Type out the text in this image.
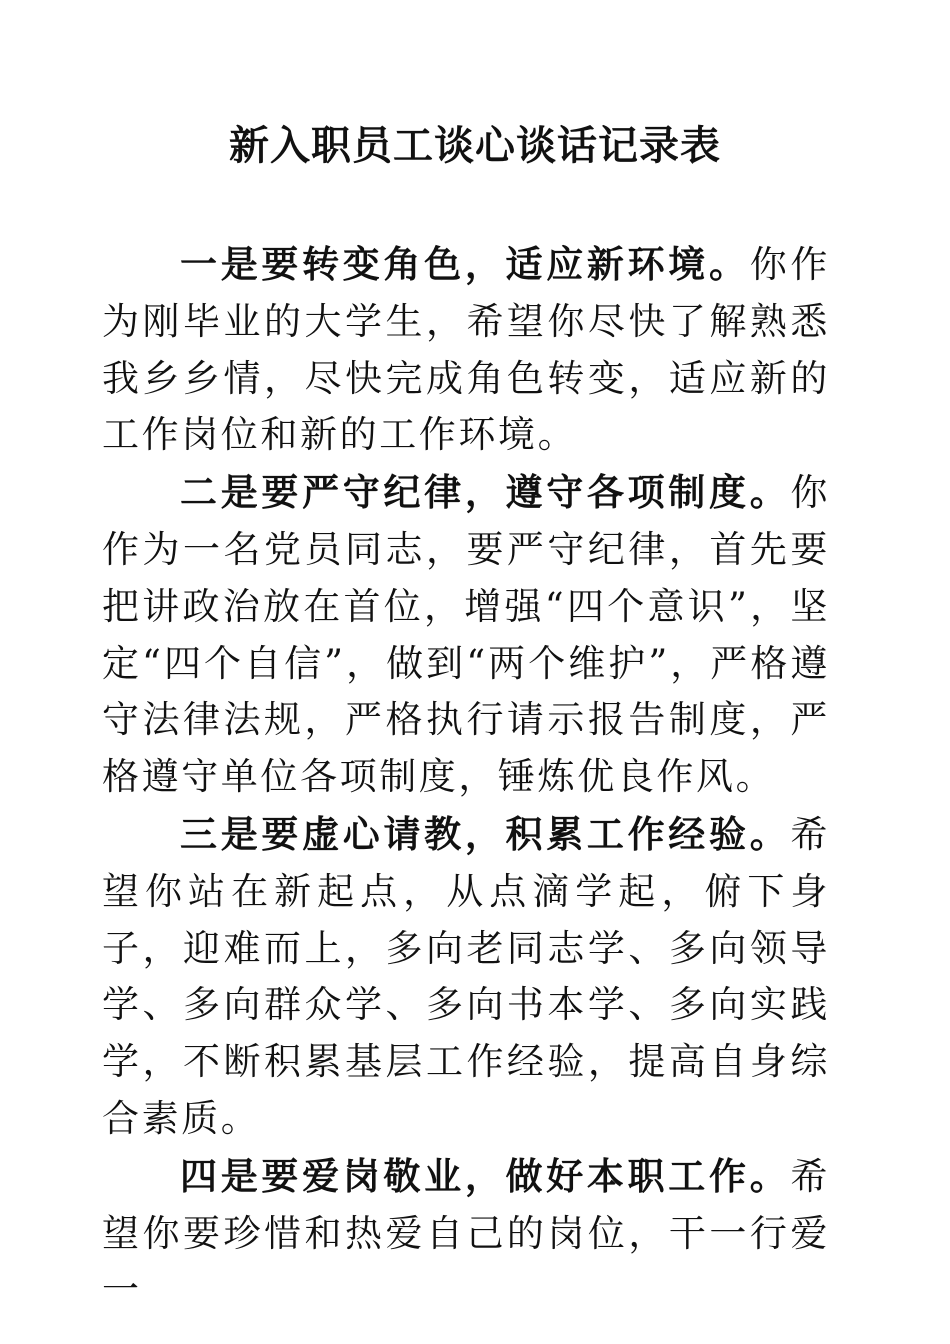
新入职员工谈心谈话记录表

一是要转变角色，适应新环境。你作为刚毕业的大学生，希望你尽快了解熟悉我乡乡情，尽快完成角色转变，适应新的工作岗位和新的工作环境。

二是要严守纪律，遵守各项制度。你作为一名党员同志，要严守纪律，首先要把讲政治放在首位，增强“四个意识”，坚定“四个自信”，做到“两个维护”，严格遵守法律法规，严格执行请示报告制度，严格遵守单位各项制度，锤炼优良作风。

三是要虚心请教，积累工作经验。希望你站在新起点，从点滴学起，俯下身子，迎难而上，多向老同志学、多向领导学、多向群众学、多向书本学、多向实践学，不断积累基层工作经验，提高自身综合素质。

四是要爱岗敬业，做好本职工作。希望你要珍惜和热爱自己的岗位，干一行爱一
